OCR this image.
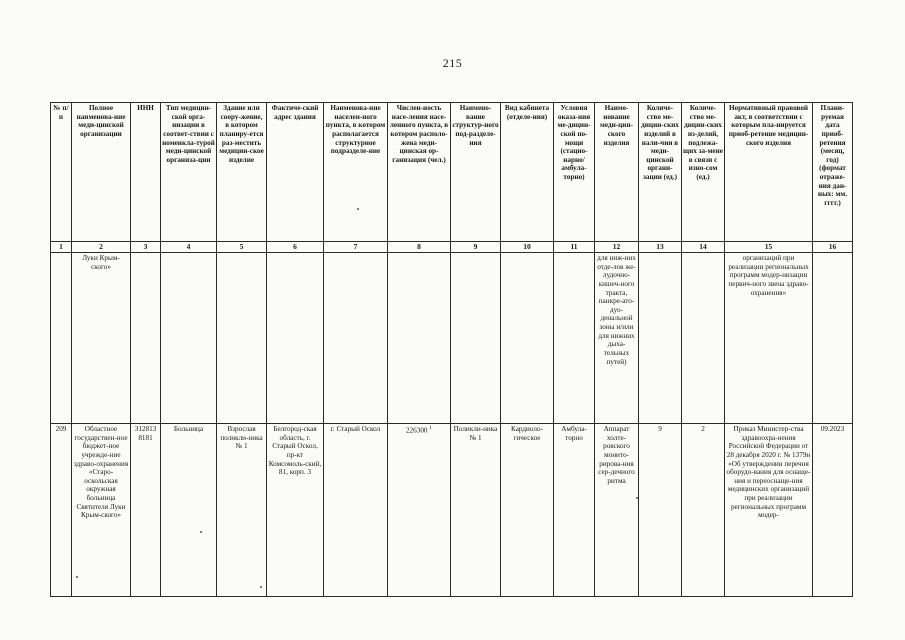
215
№ п/п	Полное наименова-ние меди-цинской организации	ИНН	Тип медицин-ской орга-низации в соответ-ствии с номенкла-турой меди-цинской организа-ции	Здание или соору-жение, в котором планиру-ется раз-местить медицин-ское изделие	Фактиче-ский адрес здания	Наименова-ние населен-ного пункта, в котором располагается структурное подразделе-ние	Числен-ность насе-ления насе-ленного пункта, в котором располо-жена меди-цинская ор-ганизация (чел.)	Наимено-вание структур-ного под-разделе-ния	Вид кабинета (отделе-ния)	Условия оказа-ния ме-дицин-ской по-мощи (стацио-нарно/ амбула-торно)	Наиме-нование меди-цин-ского изделия	Количе-ство ме-дицин-ских изделий в нали-чии в меди-цинской органи-зации (ед.)	Количе-ство ме-дицин-ских из-делий, подлежа-щих за-мене в связи с изно-сом (ед.)	Нормативный правовой акт, в соответствии с которым пла-нируется приоб-ретение медицин-ского изделия	Плани-руемая дата приоб-ретения (месяц, год) (формат отраже-ния дан-ных: мм. гггг.)
1	2	3	4	5	6	7	8	9	10	11	12	13	14	15	16
	Луки Крым-ского»										для ниж-них отде-лов же-лудочно-кишеч-ного тракта, панкре-ато-дуо-денальной зоны и/или для нижних дыха-тельных путей)			организаций при реализации региональных программ модер-низации первич-ного звена здраво-охранения»	
209	Областное государствен-ное бюджет-ное учрежде-ние здраво-охранения «Старо-оскольская окружная больница Святителя Луки Крым-ского»	312813 8181	Больница	Взрослая поликли-ника № 1	Белгород-ская область, г. Старый Оскол, пр-кт Комсомоль-ский, 81, корп. 3	г. Старый Оскол	226300 $^1$	Поликли-ника № 1	Кардиоло-гическое	Амбула-торно	Аппарат холте-ровского монито-рирова-ния сер-дечного ритма	9	2	Приказ Министер-ства здравоохра-нения Российской Федерации от 28 декабря 2020 г. № 1379н «Об утверждении перечня оборудо-вания для оснаще-ния и переоснаще-ния медицинских организаций при реализации региональных программ модер-	09.2023
